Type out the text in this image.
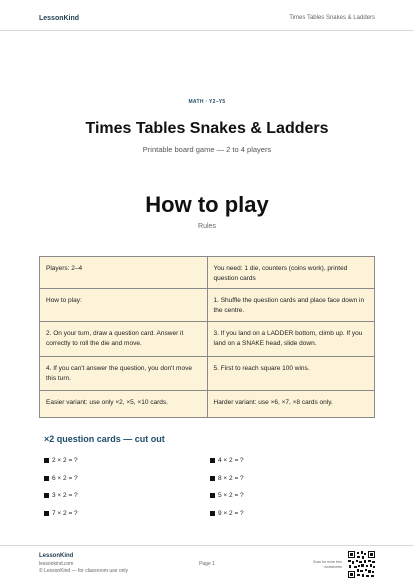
LessonKind	Times Tables Snakes & Ladders
MATH · Y2–Y5
Times Tables Snakes & Ladders
Printable board game — 2 to 4 players
How to play
Rules
Players: 2–4	You need: 1 die, counters (coins work), printed question cards
How to play:	1. Shuffle the question cards and place face down in the centre.
2. On your turn, draw a question card. Answer it correctly to roll the die and move.	3. If you land on a LADDER bottom, climb up. If you land on a SNAKE head, slide down.
4. If you can't answer the question, you don't move this turn.	5. First to reach square 100 wins.
Easier variant: use only ×2, ×5, ×10 cards.	Harder variant: use ×6, ×7, ×8 cards only.
×2 question cards — cut out
2 × 2 = ?
6 × 2 = ?
3 × 2 = ?
7 × 2 = ?
4 × 2 = ?
8 × 2 = ?
5 × 2 = ?
9 × 2 = ?
LessonKind
lessonkind.com
© LessonKind — for classroom use only
Page 1	Scan for more free worksheets
